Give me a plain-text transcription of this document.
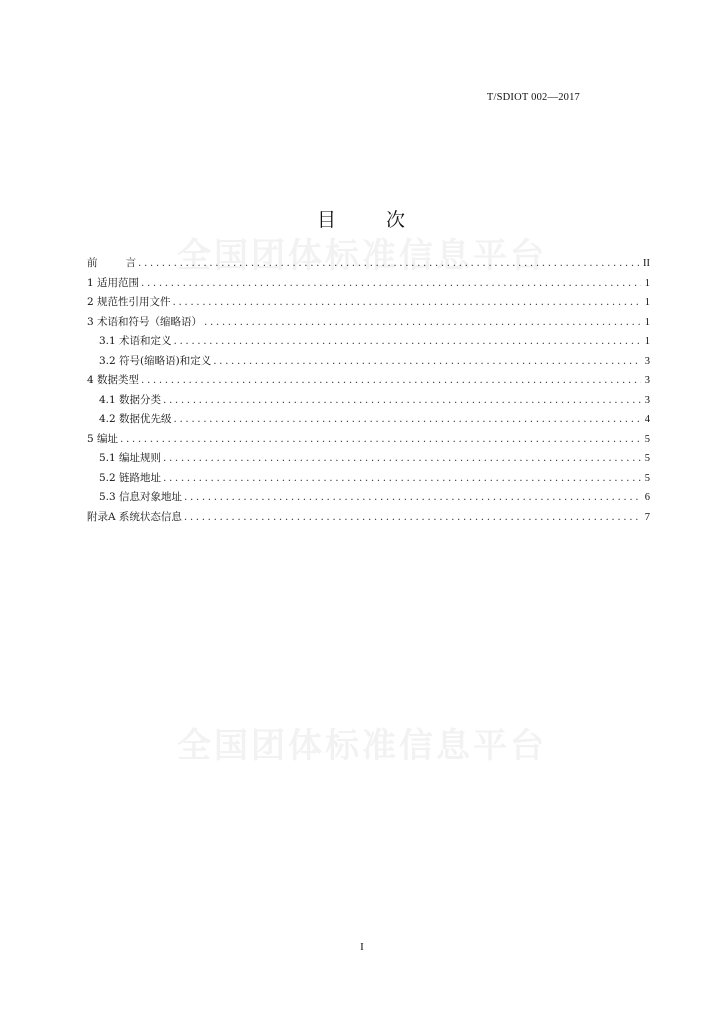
T/SDIOT 002—2017
全国团体标准信息平台
全国团体标准信息平台
目 次
前	言 .....	II
1 适用范围 .....	1
2 规范性引用文件 .....	1
3 术语和符号（缩略语） .....	1
3.1 术语和定义 .....	1
3.2 符号(缩略语)和定义 .....	3
4 数据类型 .....	3
4.1 数据分类 .....	3
4.2 数据优先级 .....	4
5 编址 .....	5
5.1 编址规则 .....	5
5.2 链路地址 .....	5
5.3 信息对象地址 .....	6
附录A 系统状态信息 .....	7
I
